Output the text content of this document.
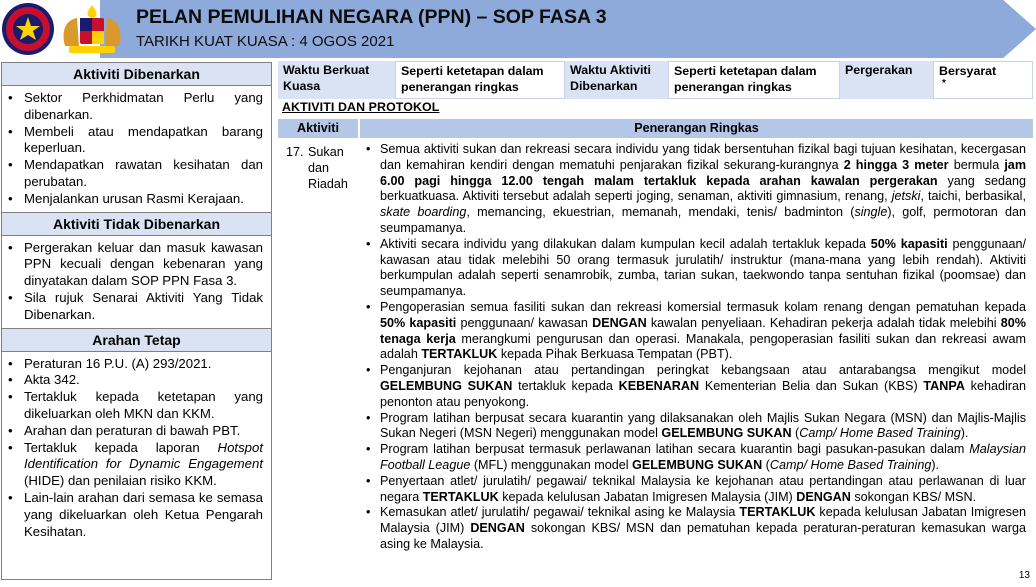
PELAN PEMULIHAN NEGARA (PPN) – SOP FASA 3
TARIKH KUAT KUASA : 4 OGOS 2021
Aktiviti Dibenarkan
• Sektor Perkhidmatan Perlu yang dibenarkan.
• Membeli atau mendapatkan barang keperluan.
• Mendapatkan rawatan kesihatan dan perubatan.
• Menjalankan urusan Rasmi Kerajaan.
Aktiviti Tidak Dibenarkan
• Pergerakan keluar dan masuk kawasan PPN kecuali dengan kebenaran yang dinyatakan dalam SOP PPN Fasa 3.
• Sila rujuk Senarai Aktiviti Yang Tidak Dibenarkan.
Arahan Tetap
• Peraturan 16 P.U. (A) 293/2021.
• Akta 342.
• Tertakluk kepada ketetapan yang dikeluarkan oleh MKN dan KKM.
• Arahan dan peraturan di bawah PBT.
• Tertakluk kepada laporan Hotspot Identification for Dynamic Engagement (HIDE) dan penilaian risiko KKM.
• Lain-lain arahan dari semasa ke semasa yang dikeluarkan oleh Ketua Pengarah Kesihatan.
Waktu Berkuat Kuasa
Seperti ketetapan dalam penerangan ringkas
Waktu Aktiviti Dibenarkan
Seperti ketetapan dalam penerangan ringkas
Pergerakan	Bersyarat
*
AKTIVITI DAN PROTOKOL
Aktiviti	Penerangan Ringkas
17. Sukan dan Riadah
• Semua aktiviti sukan dan rekreasi secara individu yang tidak bersentuhan fizikal bagi tujuan kesihatan, kecergasan dan kemahiran kendiri dengan mematuhi penjarakan fizikal sekurang-kurangnya 2 hingga 3 meter bermula jam 6.00 pagi hingga 12.00 tengah malam tertakluk kepada arahan kawalan pergerakan yang sedang berkuatkuasa. Aktiviti tersebut adalah seperti joging, senaman, aktiviti gimnasium, renang, jetski, taichi, berbasikal, skate boarding, memancing, ekuestrian, memanah, mendaki, tenis/ badminton (single), golf, permotoran dan seumpamanya.
• Aktiviti secara individu yang dilakukan dalam kumpulan kecil adalah tertakluk kepada 50% kapasiti penggunaan/ kawasan atau tidak melebihi 50 orang termasuk jurulatih/ instruktur (mana-mana yang lebih rendah). Aktiviti berkumpulan adalah seperti senamrobik, zumba, tarian sukan, taekwondo tanpa sentuhan fizikal (poomsae) dan seumpamanya.
• Pengoperasian semua fasiliti sukan dan rekreasi komersial termasuk kolam renang dengan pematuhan kepada 50% kapasiti penggunaan/ kawasan DENGAN kawalan penyeliaan. Kehadiran pekerja adalah tidak melebihi 80% tenaga kerja merangkumi pengurusan dan operasi. Manakala, pengoperasian fasiliti sukan dan rekreasi awam adalah TERTAKLUK kepada Pihak Berkuasa Tempatan (PBT).
• Penganjuran kejohanan atau pertandingan peringkat kebangsaan atau antarabangsa mengikut model GELEMBUNG SUKAN tertakluk kepada KEBENARAN Kementerian Belia dan Sukan (KBS) TANPA kehadiran penonton atau penyokong.
• Program latihan berpusat secara kuarantin yang dilaksanakan oleh Majlis Sukan Negara (MSN) dan Majlis-Majlis Sukan Negeri (MSN Negeri) menggunakan model GELEMBUNG SUKAN (Camp/ Home Based Training).
• Program latihan berpusat termasuk perlawanan latihan secara kuarantin bagi pasukan-pasukan dalam Malaysian Football League (MFL) menggunakan model GELEMBUNG SUKAN (Camp/ Home Based Training).
• Penyertaan atlet/ jurulatih/ pegawai/ teknikal Malaysia ke kejohanan atau pertandingan atau perlawanan di luar negara TERTAKLUK kepada kelulusan Jabatan Imigresen Malaysia (JIM) DENGAN sokongan KBS/ MSN.
• Kemasukan atlet/ jurulatih/ pegawai/ teknikal asing ke Malaysia TERTAKLUK kepada kelulusan Jabatan Imigresen Malaysia (JIM) DENGAN sokongan KBS/ MSN dan pematuhan kepada peraturan-peraturan kemasukan warga asing ke Malaysia.
13
